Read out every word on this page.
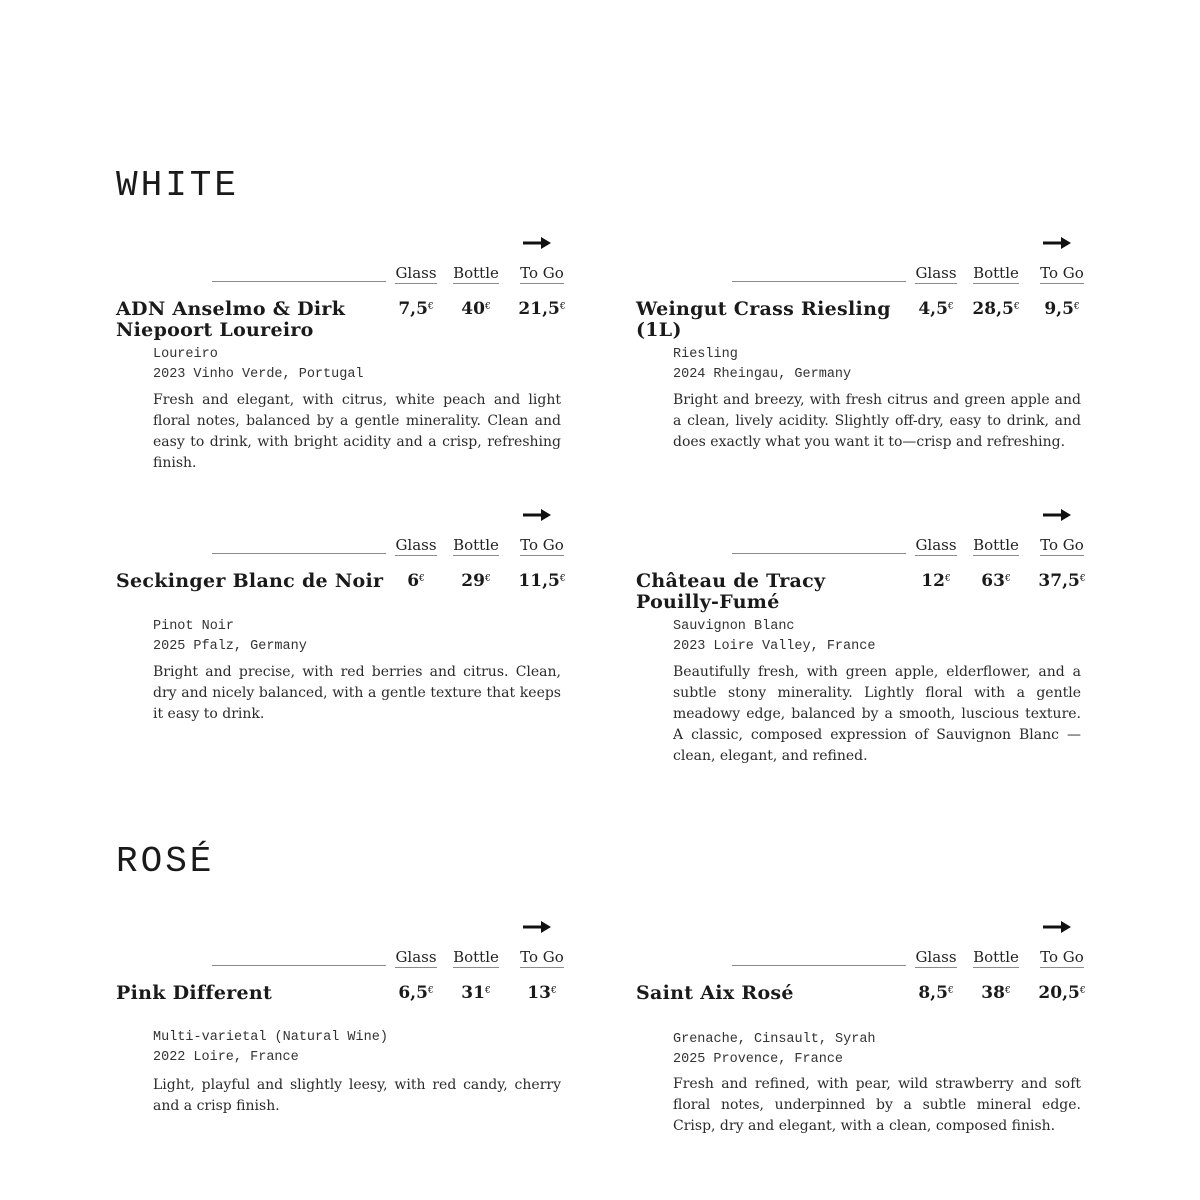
WHITE
Glass Bottle	To Go
ADN Anselmo & Dirk Niepoort Loureiro
7,5€	40€	21,5€
Loureiro
2023 Vinho Verde, Portugal
Fresh and elegant, with citrus, white peach and light floral notes, balanced by a gentle minerality. Clean and easy to drink, with bright acidity and a crisp, refreshing finish.
Glass Bottle	To Go
Weingut Crass Riesling (1L)
4,5€	28,5€	9,5€
Riesling
2024 Rheingau, Germany
Bright and breezy, with fresh citrus and green apple and a clean, lively acidity. Slightly off-dry, easy to drink, and does exactly what you want it to—crisp and refreshing.
Glass Bottle	To Go
Seckinger Blanc de Noir	6€	29€	11,5€
Pinot Noir
2025 Pfalz, Germany
Bright and precise, with red berries and citrus. Clean, dry and nicely balanced, with a gentle texture that keeps it easy to drink.
Glass Bottle	To Go
Château de Tracy Pouilly-Fumé
12€	63€	37,5€
Sauvignon Blanc
2023 Loire Valley, France
Beautifully fresh, with green apple, elderflower, and a subtle stony minerality. Lightly floral with a gentle meadowy edge, balanced by a smooth, luscious texture. A classic, composed expression of Sauvignon Blanc — clean, elegant, and refined.
ROSÉ
Glass Bottle	To Go
Pink Different	6,5€	31€	13€
Multi-varietal (Natural Wine)
2022 Loire, France
Light, playful and slightly leesy, with red candy, cherry and a crisp finish.
Glass Bottle	To Go
Saint Aix Rosé	8,5€	38€	20,5€
Grenache, Cinsault, Syrah
2025 Provence, France
Fresh and refined, with pear, wild strawberry and soft floral notes, underpinned by a subtle mineral edge. Crisp, dry and elegant, with a clean, composed finish.
